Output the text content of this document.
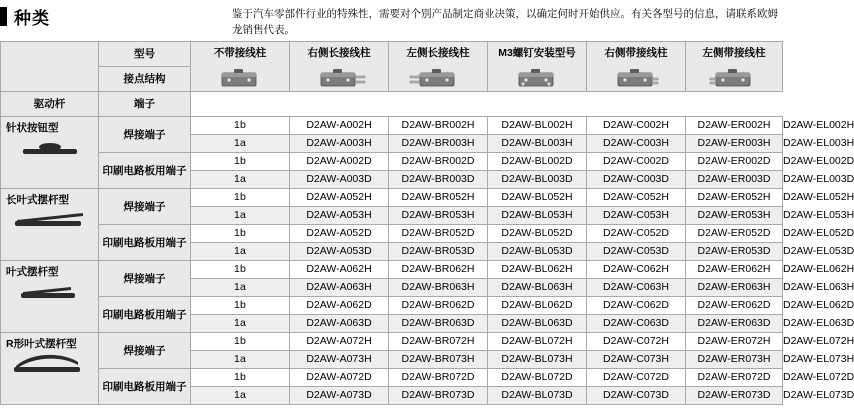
种类	鉴于汽车零部件行业的特殊性，需要对个别产品制定商业决策，以确定何时开始供应。有关各型号的信息，请联系欧姆龙销售代表。
	型号	不带接线柱	右侧长接线柱	左侧长接线柱	M3螺钉安装型号	右侧带接线柱	左侧带接线柱	

	接点结构							
驱动杆	端子							

针状按钮型	焊接端子	1b	D2AW-A002H	D2AW-BR002H	D2AW-BL002H	D2AW-C002H	D2AW-ER002H	D2AW-EL002H
		1a	D2AW-A003H	D2AW-BR003H	D2AW-BL003H	D2AW-C003H	D2AW-ER003H	D2AW-EL003H
	印刷电路板用端子	1b	D2AW-A002D	D2AW-BR002D	D2AW-BL002D	D2AW-C002D	D2AW-ER002D	D2AW-EL002D
		1a	D2AW-A003D	D2AW-BR003D	D2AW-BL003D	D2AW-C003D	D2AW-ER003D	D2AW-EL003D

长叶式摆杆型	焊接端子	1b	D2AW-A052H	D2AW-BR052H	D2AW-BL052H	D2AW-C052H	D2AW-ER052H	D2AW-EL052H
		1a	D2AW-A053H	D2AW-BR053H	D2AW-BL053H	D2AW-C053H	D2AW-ER053H	D2AW-EL053H
	印刷电路板用端子	1b	D2AW-A052D	D2AW-BR052D	D2AW-BL052D	D2AW-C052D	D2AW-ER052D	D2AW-EL052D
		1a	D2AW-A053D	D2AW-BR053D	D2AW-BL053D	D2AW-C053D	D2AW-ER053D	D2AW-EL053D

叶式摆杆型	焊接端子	1b	D2AW-A062H	D2AW-BR062H	D2AW-BL062H	D2AW-C062H	D2AW-ER062H	D2AW-EL062H
		1a	D2AW-A063H	D2AW-BR063H	D2AW-BL063H	D2AW-C063H	D2AW-ER063H	D2AW-EL063H
	印刷电路板用端子	1b	D2AW-A062D	D2AW-BR062D	D2AW-BL062D	D2AW-C062D	D2AW-ER062D	D2AW-EL062D
		1a	D2AW-A063D	D2AW-BR063D	D2AW-BL063D	D2AW-C063D	D2AW-ER063D	D2AW-EL063D

R形叶式摆杆型	焊接端子	1b	D2AW-A072H	D2AW-BR072H	D2AW-BL072H	D2AW-C072H	D2AW-ER072H	D2AW-EL072H
		1a	D2AW-A073H	D2AW-BR073H	D2AW-BL073H	D2AW-C073H	D2AW-ER073H	D2AW-EL073H
	印刷电路板用端子	1b	D2AW-A072D	D2AW-BR072D	D2AW-BL072D	D2AW-C072D	D2AW-ER072D	D2AW-EL072D
		1a	D2AW-A073D	D2AW-BR073D	D2AW-BL073D	D2AW-C073D	D2AW-ER073D	D2AW-EL073D
